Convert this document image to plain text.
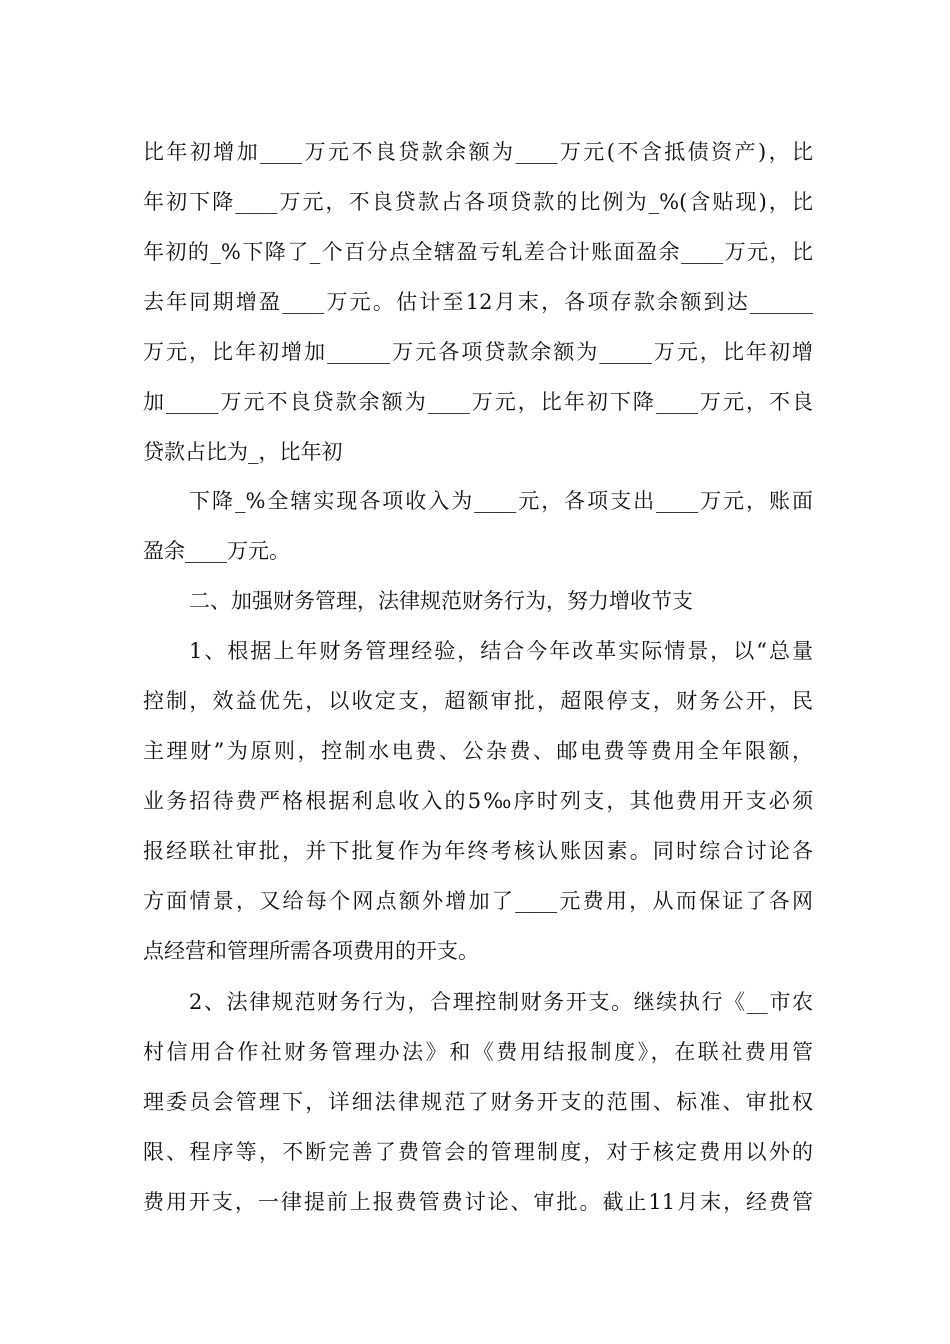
比年初增加____万元不良贷款余额为____万元(不含抵债资产)，比
年初下降____万元，不良贷款占各项贷款的比例为_%(含贴现)，比
年初的_%下降了_个百分点全辖盈亏轧差合计账面盈余____万元，比
去年同期增盈____万元。估计至12月末，各项存款余额到达______
万元，比年初增加______万元各项贷款余额为_____万元，比年初增
加_____万元不良贷款余额为____万元，比年初下降____万元，不良
贷款占比为_，比年初
下降_%全辖实现各项收入为____元，各项支出____万元，账面
盈余____万元。
二、加强财务管理，法律规范财务行为，努力增收节支
1、根据上年财务管理经验，结合今年改革实际情景，以“总量
控制，效益优先，以收定支，超额审批，超限停支，财务公开，民
主理财”为原则，控制水电费、公杂费、邮电费等费用全年限额，
业务招待费严格根据利息收入的5‰序时列支，其他费用开支必须
报经联社审批，并下批复作为年终考核认账因素。同时综合讨论各
方面情景，又给每个网点额外增加了____元费用，从而保证了各网
点经营和管理所需各项费用的开支。
2、法律规范财务行为，合理控制财务开支。继续执行《__市农
村信用合作社财务管理办法》和《费用结报制度》，在联社费用管
理委员会管理下，详细法律规范了财务开支的范围、标准、审批权
限、程序等，不断完善了费管会的管理制度，对于核定费用以外的
费用开支，一律提前上报费管费讨论、审批。截止11月末，经费管
